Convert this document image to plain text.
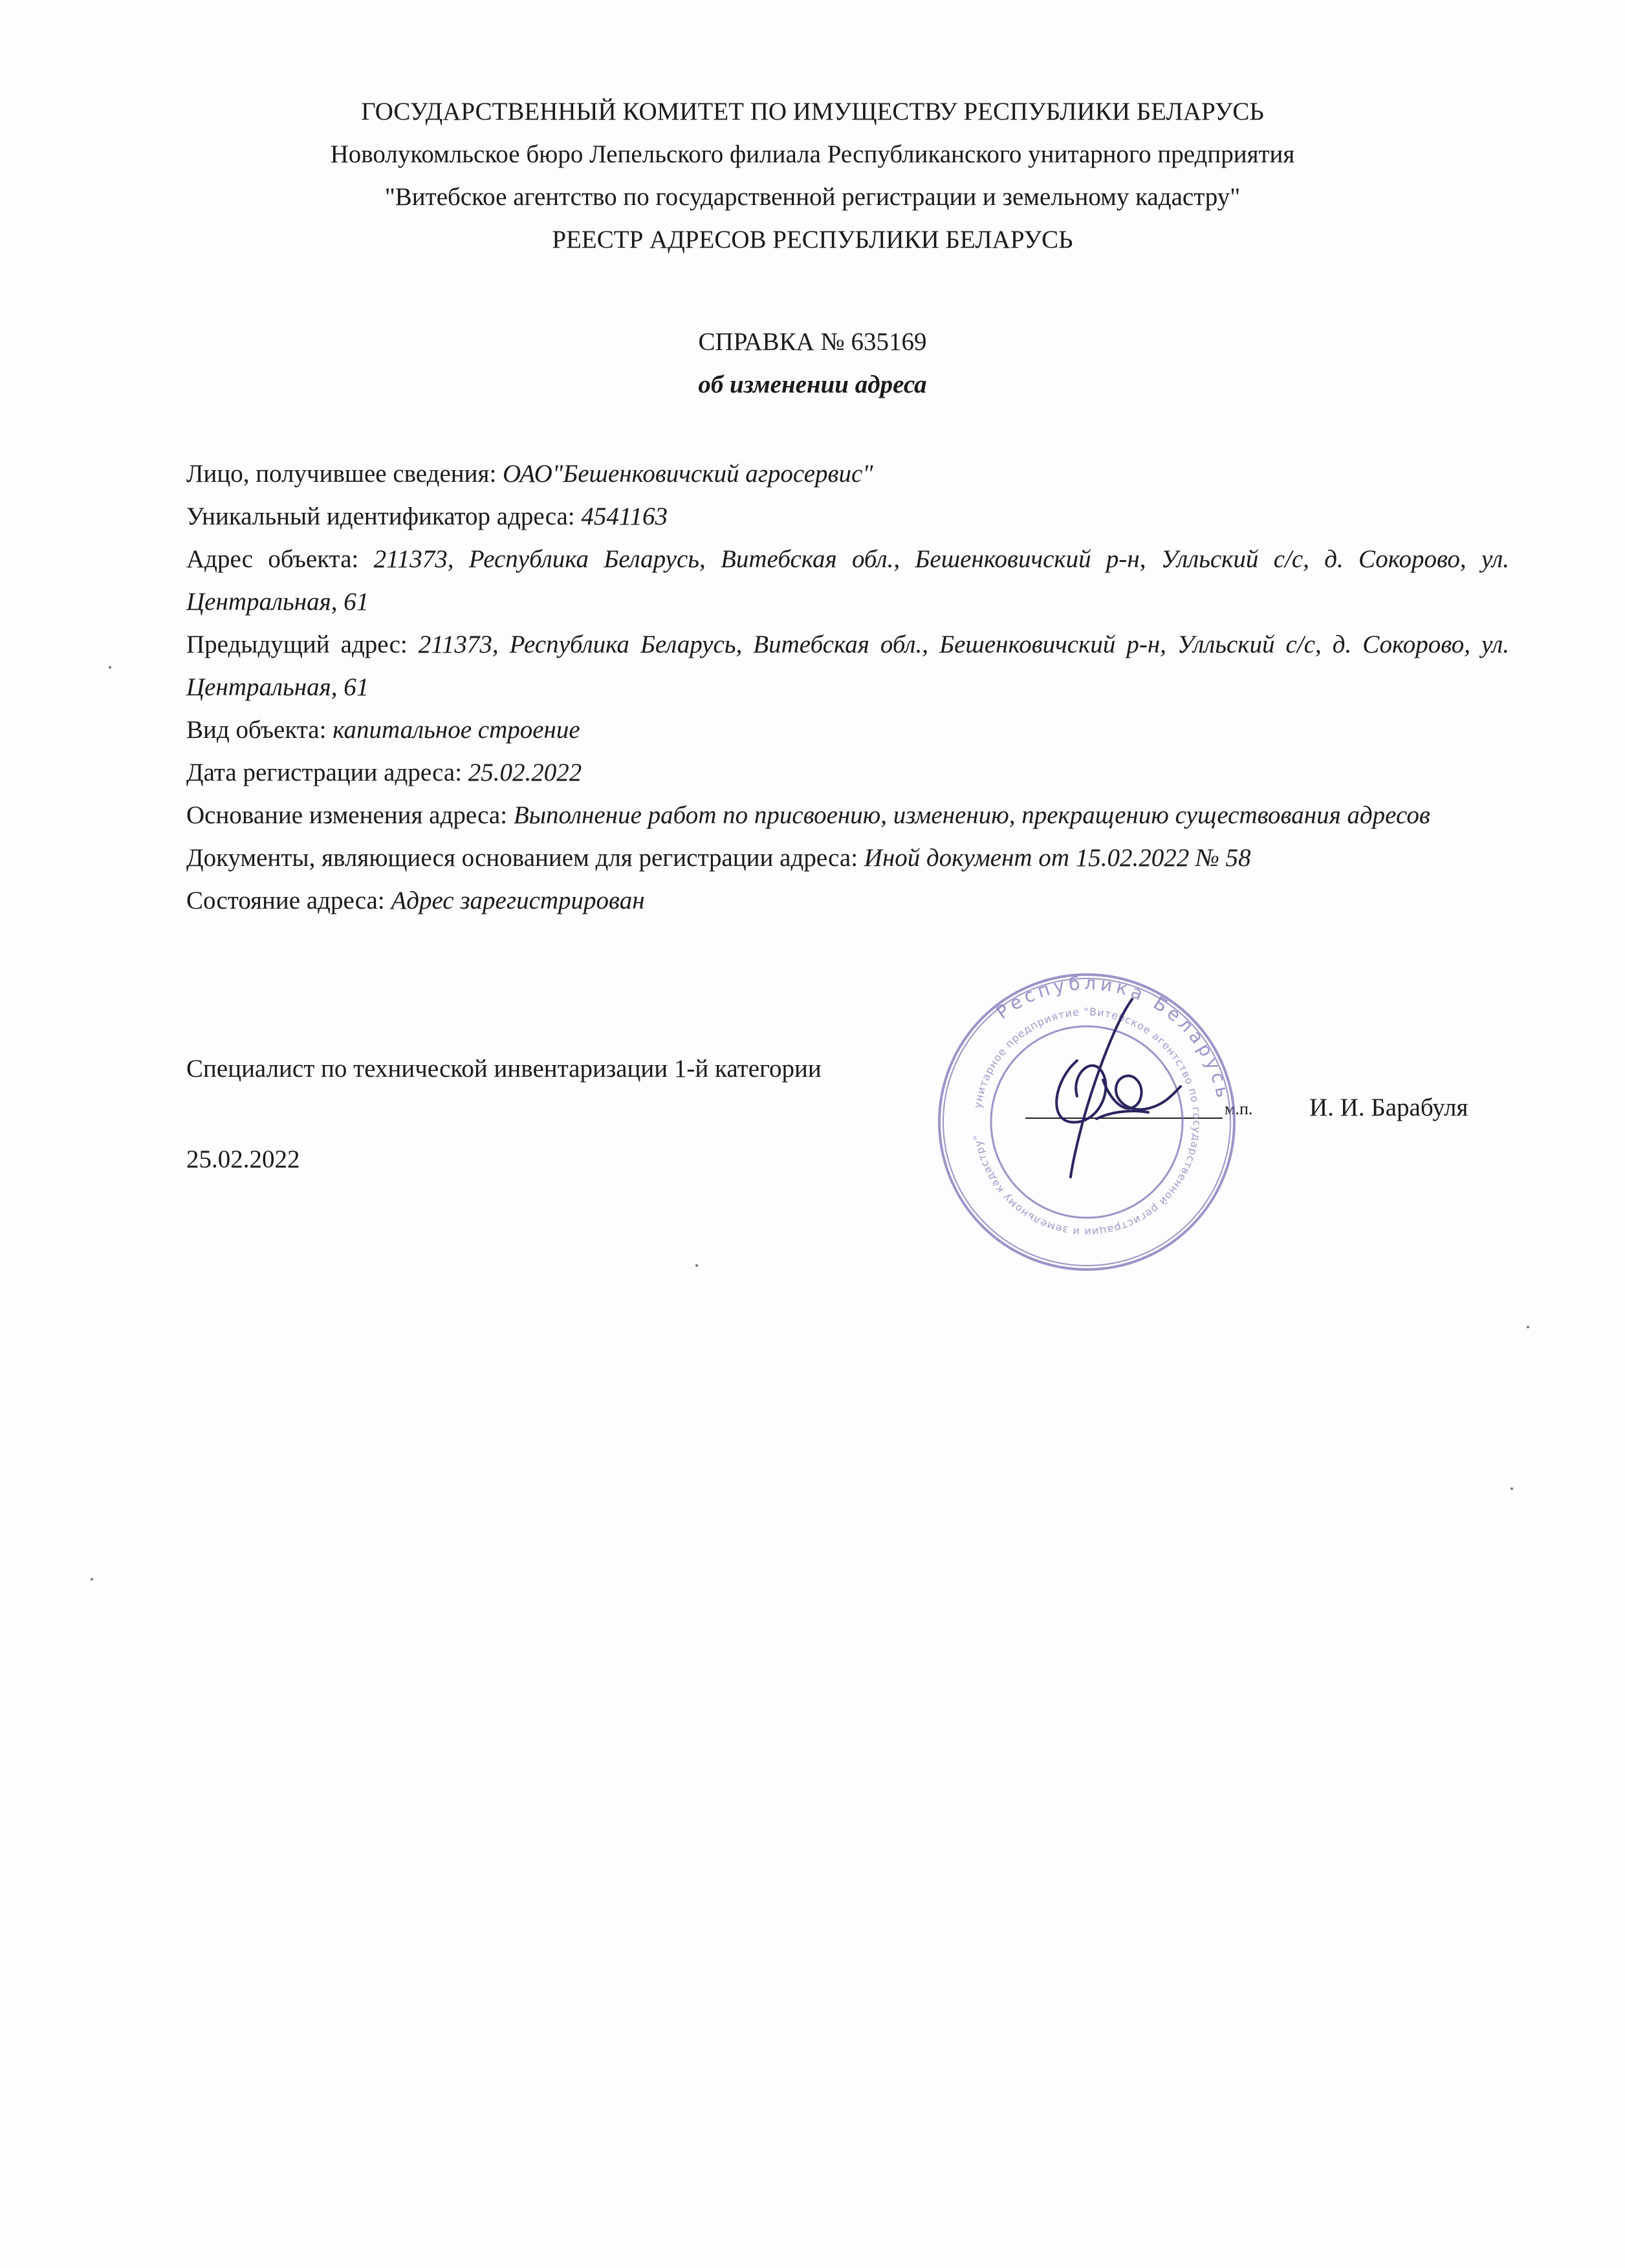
ГОСУДАРСТВЕННЫЙ КОМИТЕТ ПО ИМУЩЕСТВУ РЕСПУБЛИКИ БЕЛАРУСЬ
Новолукомльское бюро Лепельского филиала Республиканского унитарного предприятия
"Витебское агентство по государственной регистрации и земельному кадастру"
РЕЕСТР АДРЕСОВ РЕСПУБЛИКИ БЕЛАРУСЬ
СПРАВКА № 635169
об изменении адреса
Лицо, получившее сведения: ОАО"Бешенковичский агросервис"
Уникальный идентификатор адреса: 4541163
Адрес объекта: 211373, Республика Беларусь, Витебская обл., Бешенковичский р-н, Улльский с/с, д. Сокорово, ул. Центральная, 61
Предыдущий адрес: 211373, Республика Беларусь, Витебская обл., Бешенковичский р-н, Улльский с/с, д. Сокорово, ул. Центральная, 61
Вид объекта: капитальное строение
Дата регистрации адреса: 25.02.2022
Основание изменения адреса: Выполнение работ по присвоению, изменению, прекращению существования адресов
Документы, являющиеся основанием для регистрации адреса: Иной документ от 15.02.2022 № 58
Состояние адреса: Адрес зарегистрирован
Специалист по технической инвентаризации 1-й категории
м.п. И. И. Барабуля
25.02.2022
Республика Беларусь
унитарное предприятие "Витебское агентство по государственной регистрации и земельному кадастру"
